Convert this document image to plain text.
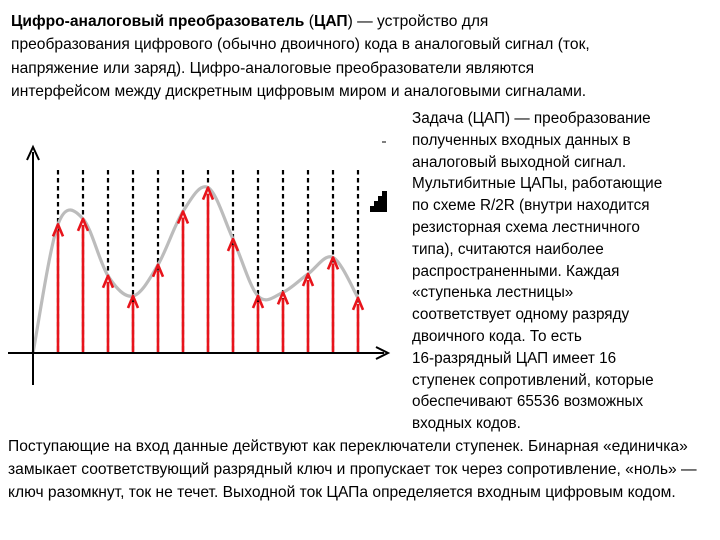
Цифро-аналоговый преобразователь (ЦАП) — устройство для преобразования цифрового (обычно двоичного) кода в аналоговый сигнал (ток, напряжение или заряд). Цифро-аналоговые преобразователи являются интерфейсом между дискретным цифровым миром и аналоговыми сигналами.
Задача (ЦАП) — преобразование
полученных входных данных в
аналоговый выходной сигнал.
Мультибитные ЦАПы, работающие
по схеме R/2R (внутри находится
резисторная схема лестничного
типа), считаются наиболее
распространенными. Каждая
«ступенька лестницы»
соответствует одному разряду
двоичного кода. То есть
16-разрядный ЦАП имеет 16
ступенек сопротивлений, которые
обеспечивают 65536 возможных
входных кодов.
Поступающие на вход данные действуют как переключатели ступенек. Бинарная «единичка» замыкает соответствующий разрядный ключ и пропускает ток через сопротивление, «ноль» — ключ разомкнут, ток не течет. Выходной ток ЦАПа определяется входным цифровым кодом.
